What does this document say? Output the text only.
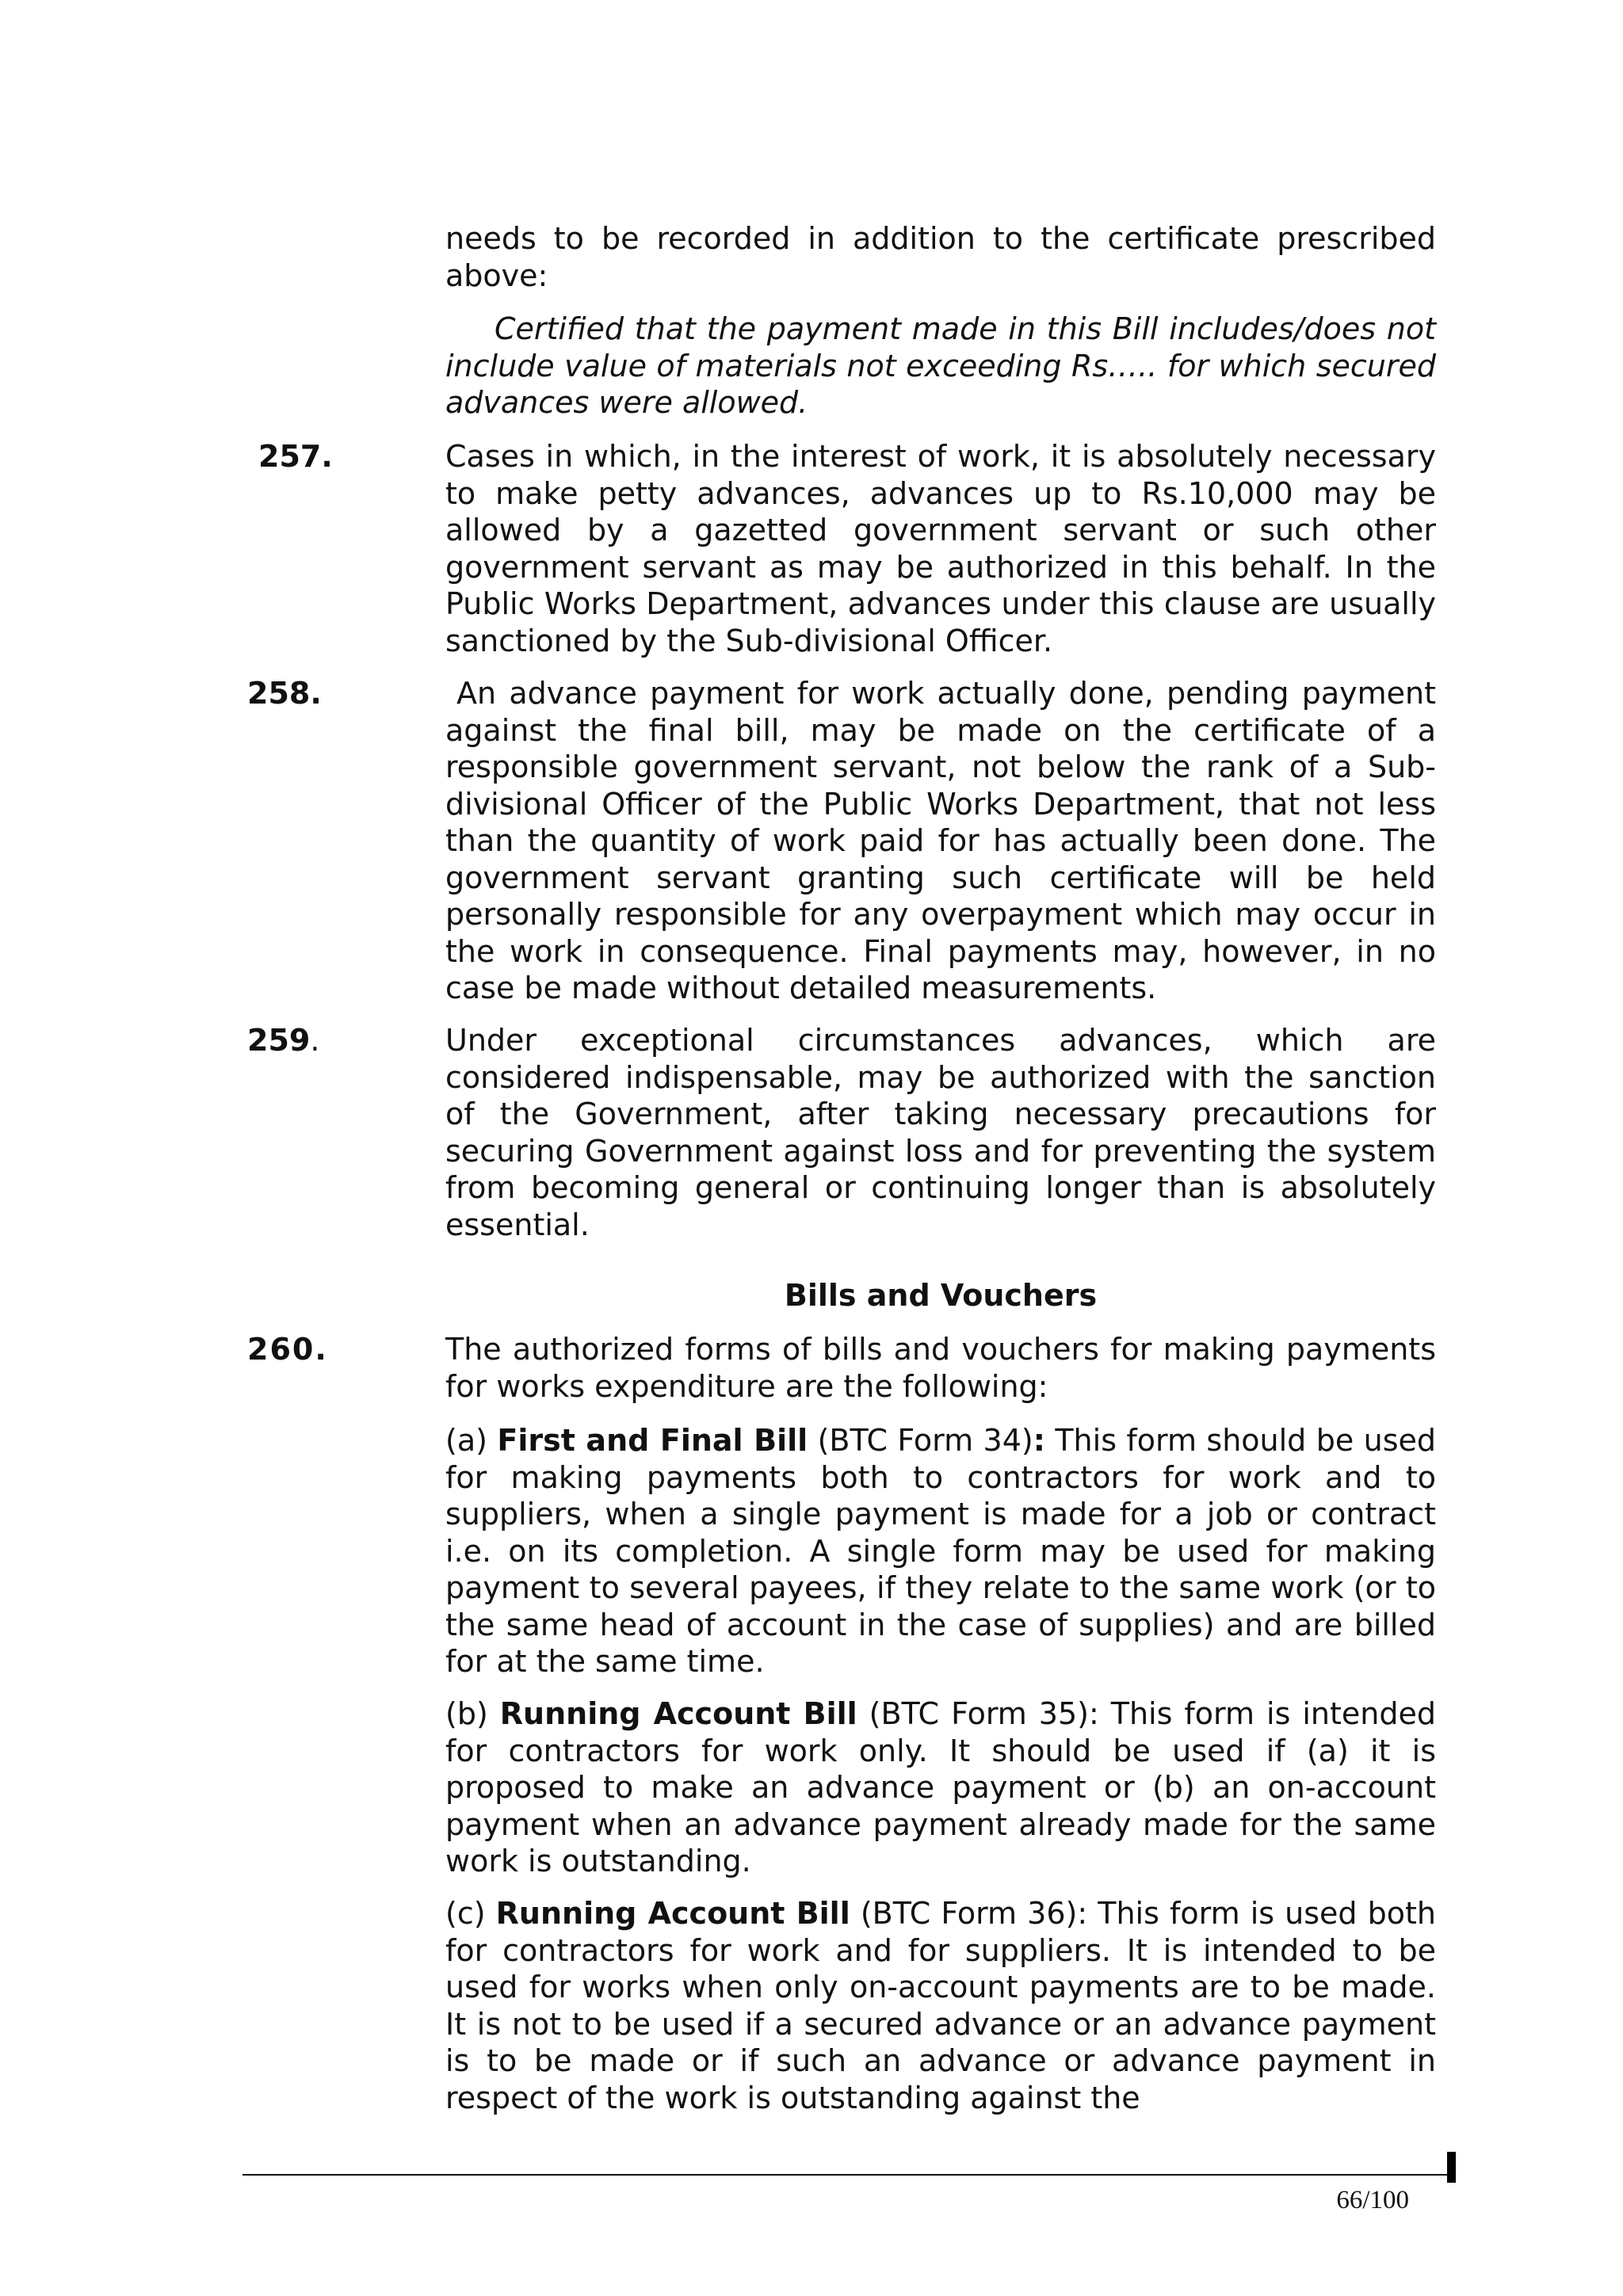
needs to be recorded in addition to the certificate prescribed above:

Certified that the payment made in this Bill includes/does not include value of materials not exceeding Rs….. for which secured advances were allowed.

257.	Cases in which, in the interest of work, it is absolutely necessary to make petty advances, advances up to Rs.10,000 may be allowed by a gazetted government servant or such other government servant as may be authorized in this behalf. In the Public Works Department, advances under this clause are usually sanctioned by the Sub-divisional Officer.

258.	An advance payment for work actually done, pending payment against the final bill, may be made on the certificate of a responsible government servant, not below the rank of a Sub-divisional Officer of the Public Works Department, that not less than the quantity of work paid for has actually been done. The government servant granting such certificate will be held personally responsible for any overpayment which may occur in the work in consequence. Final payments may, however, in no case be made without detailed measurements.

259.	Under exceptional circumstances advances, which are considered indispensable, may be authorized with the sanction of the Government, after taking necessary precautions for securing Government against loss and for preventing the system from becoming general or continuing longer than is absolutely essential.

Bills and Vouchers
260.	The authorized forms of bills and vouchers for making payments for works expenditure are the following:

(a) First and Final Bill (BTC Form 34): This form should be used for making payments both to contractors for work and to suppliers, when a single payment is made for a job or contract i.e. on its completion. A single form may be used for making payment to several payees, if they relate to the same work (or to the same head of account in the case of supplies) and are billed for at the same time.

(b) Running Account Bill (BTC Form 35): This form is intended for contractors for work only. It should be used if (a) it is proposed to make an advance payment or (b) an on-account payment when an advance payment already made for the same work is outstanding.

(c) Running Account Bill (BTC Form 36): This form is used both for contractors for work and for suppliers. It is intended to be used for works when only on-account payments are to be made. It is not to be used if a secured advance or an advance payment is to be made or if such an advance or advance payment in respect of the work is outstanding against the

66/100
